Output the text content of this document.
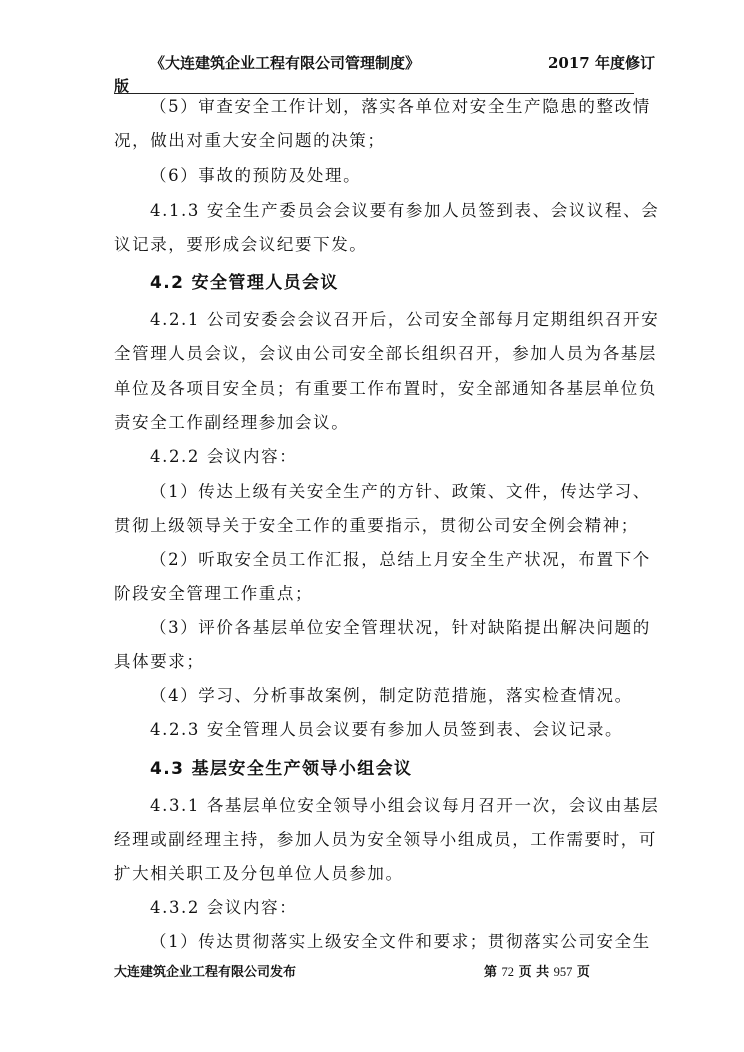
《大连建筑企业工程有限公司管理制度》	2017 年度修订
版
（5）审查安全工作计划，落实各单位对安全生产隐患的整改情
况，做出对重大安全问题的决策；
（6）事故的预防及处理。
4.1.3 安全生产委员会会议要有参加人员签到表、会议议程、会
议记录，要形成会议纪要下发。
4.2 安全管理人员会议
4.2.1 公司安委会会议召开后，公司安全部每月定期组织召开安
全管理人员会议，会议由公司安全部长组织召开，参加人员为各基层
单位及各项目安全员；有重要工作布置时，安全部通知各基层单位负
责安全工作副经理参加会议。
4.2.2 会议内容：
（1）传达上级有关安全生产的方针、政策、文件，传达学习、
贯彻上级领导关于安全工作的重要指示，贯彻公司安全例会精神；
（2）听取安全员工作汇报，总结上月安全生产状况，布置下个
阶段安全管理工作重点；
（3）评价各基层单位安全管理状况，针对缺陷提出解决问题的
具体要求；
（4）学习、分析事故案例，制定防范措施，落实检查情况。
4.2.3 安全管理人员会议要有参加人员签到表、会议记录。
4.3 基层安全生产领导小组会议
4.3.1 各基层单位安全领导小组会议每月召开一次，会议由基层
经理或副经理主持，参加人员为安全领导小组成员，工作需要时，可
扩大相关职工及分包单位人员参加。
4.3.2 会议内容：
（1）传达贯彻落实上级安全文件和要求；贯彻落实公司安全生
大连建筑企业工程有限公司发布	第 72 页 共 957 页
